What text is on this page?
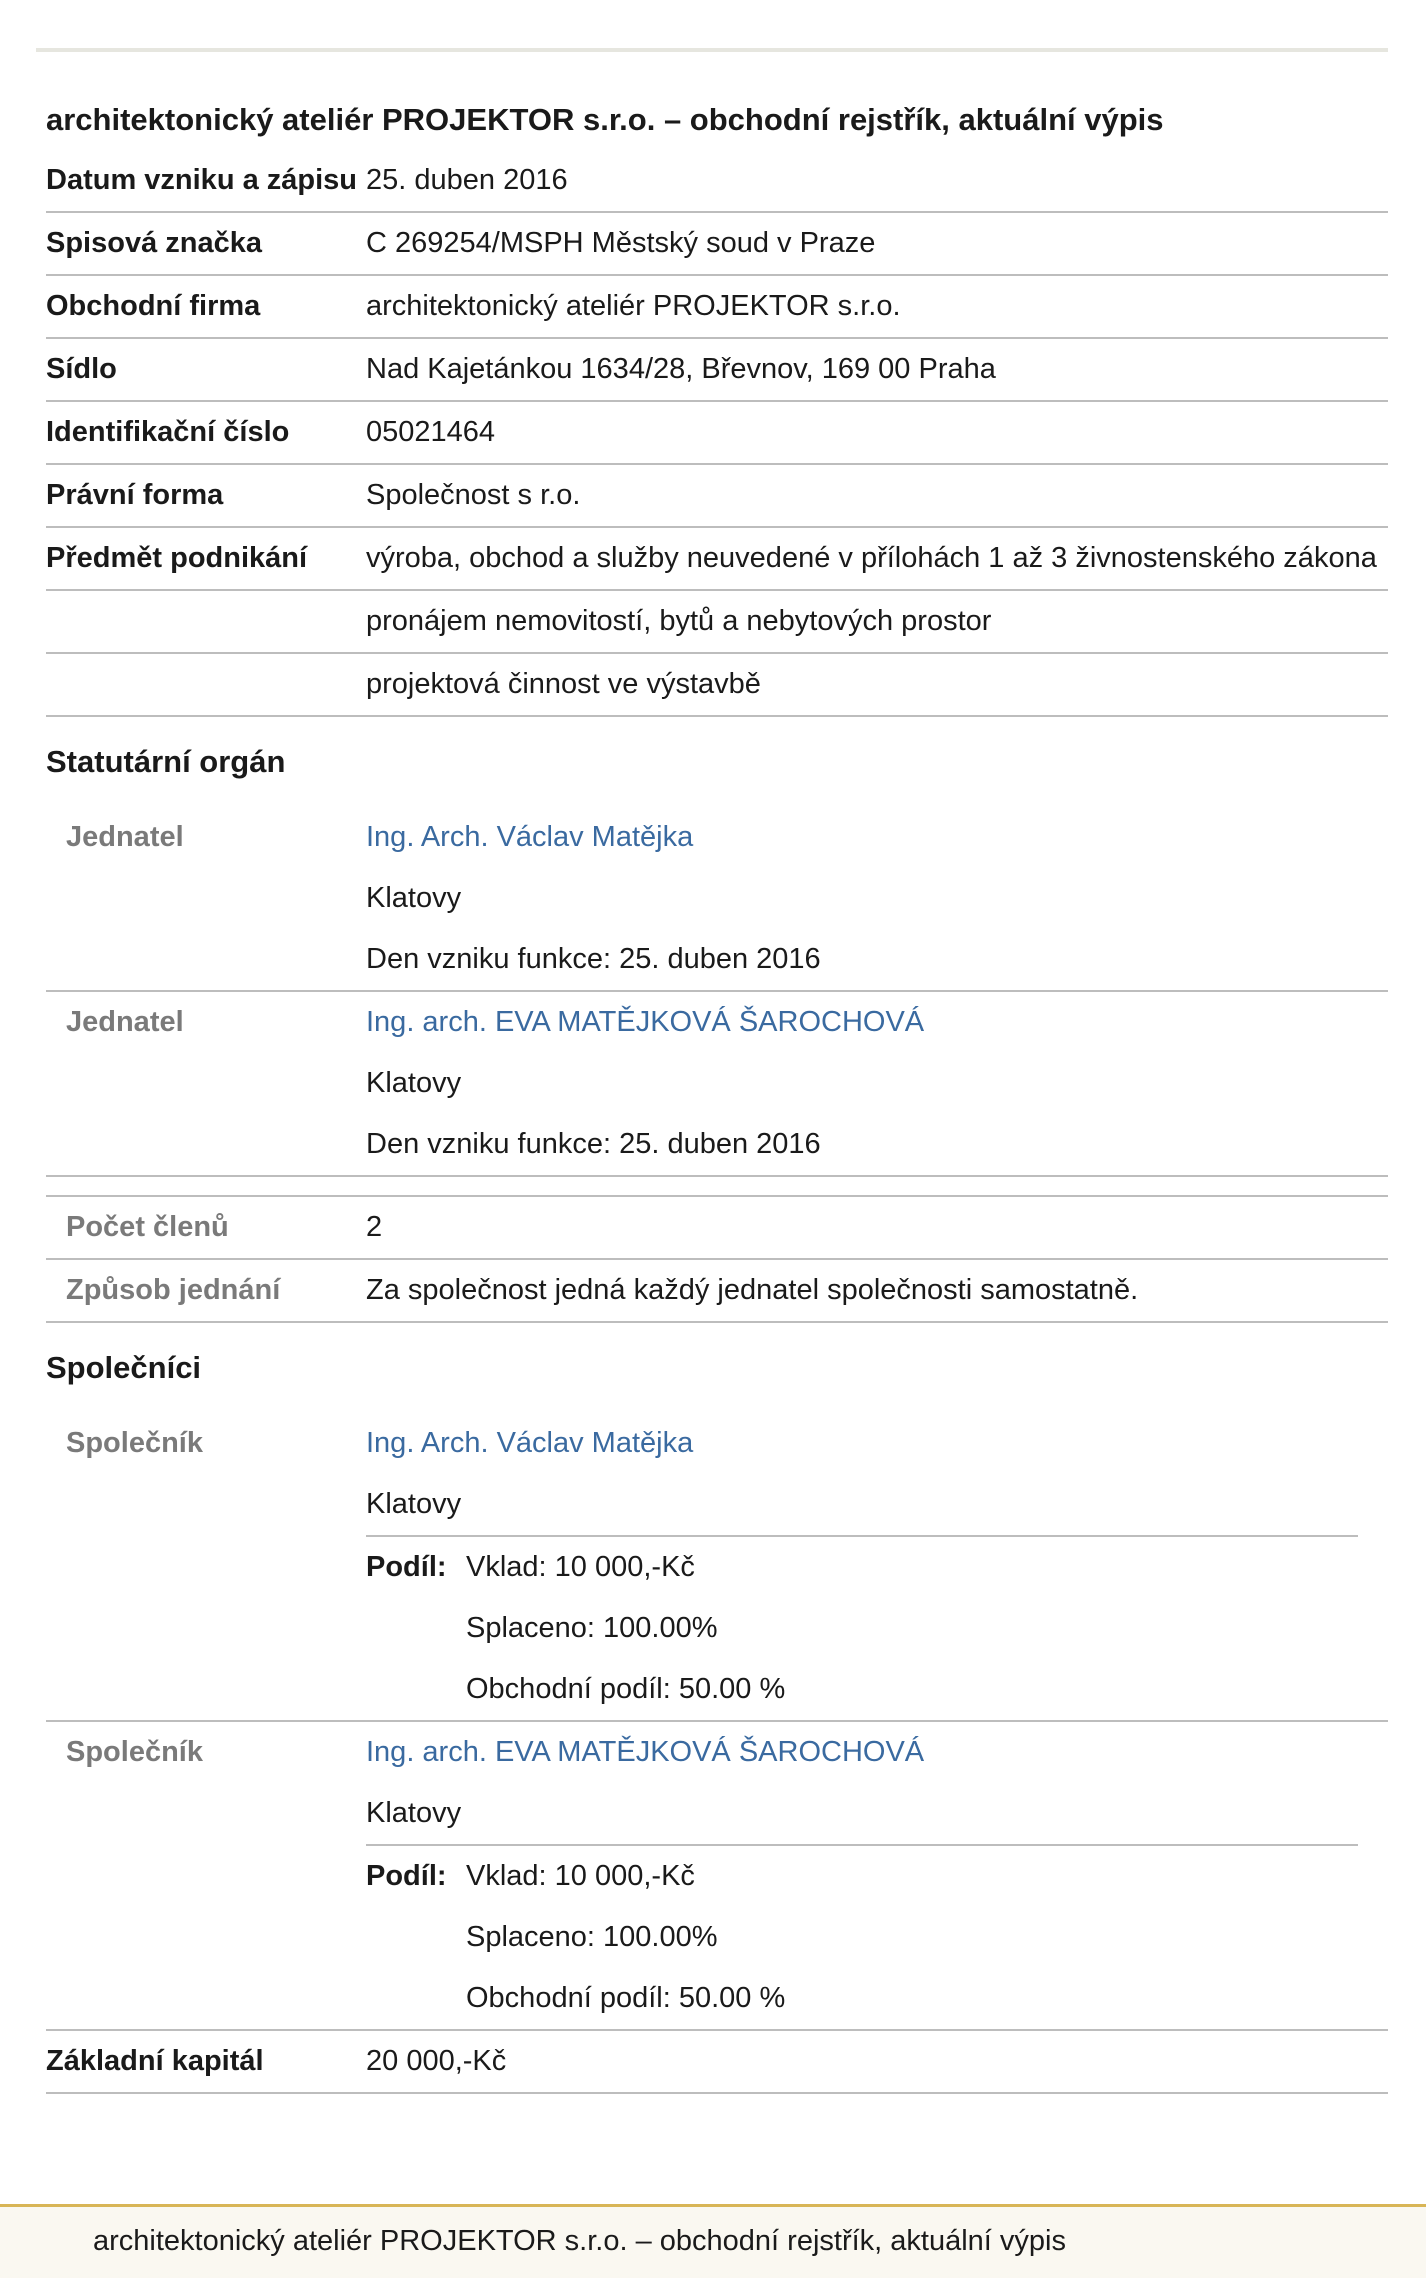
architektonický ateliér PROJEKTOR s.r.o. – obchodní rejstřík, aktuální výpis
Datum vzniku a zápisu 25. duben 2016
Spisová značka	C 269254/MSPH Městský soud v Praze
Obchodní firma	architektonický ateliér PROJEKTOR s.r.o.
Sídlo	Nad Kajetánkou 1634/28, Břevnov, 169 00 Praha
Identifikační číslo	05021464
Právní forma	Společnost s r.o.
Předmět podnikání	výroba, obchod a služby neuvedené v přílohách 1 až 3 živnostenského zákona
pronájem nemovitostí, bytů a nebytových prostor
projektová činnost ve výstavbě
Statutární orgán
Jednatel	Ing. Arch. Václav Matějka
Klatovy
Den vzniku funkce: 25. duben 2016
Jednatel	Ing. arch. EVA MATĚJKOVÁ ŠAROCHOVÁ
Klatovy
Den vzniku funkce: 25. duben 2016
Počet členů	2
Způsob jednání	Za společnost jedná každý jednatel společnosti samostatně.
Společníci
Společník	Ing. Arch. Václav Matějka
Klatovy
Podíl: Vklad: 10 000,-Kč
Splaceno: 100.00%
Obchodní podíl: 50.00 %
Společník	Ing. arch. EVA MATĚJKOVÁ ŠAROCHOVÁ
Klatovy
Podíl: Vklad: 10 000,-Kč
Splaceno: 100.00%
Obchodní podíl: 50.00 %
Základní kapitál	20 000,-Kč
architektonický ateliér PROJEKTOR s.r.o. – obchodní rejstřík, aktuální výpis
